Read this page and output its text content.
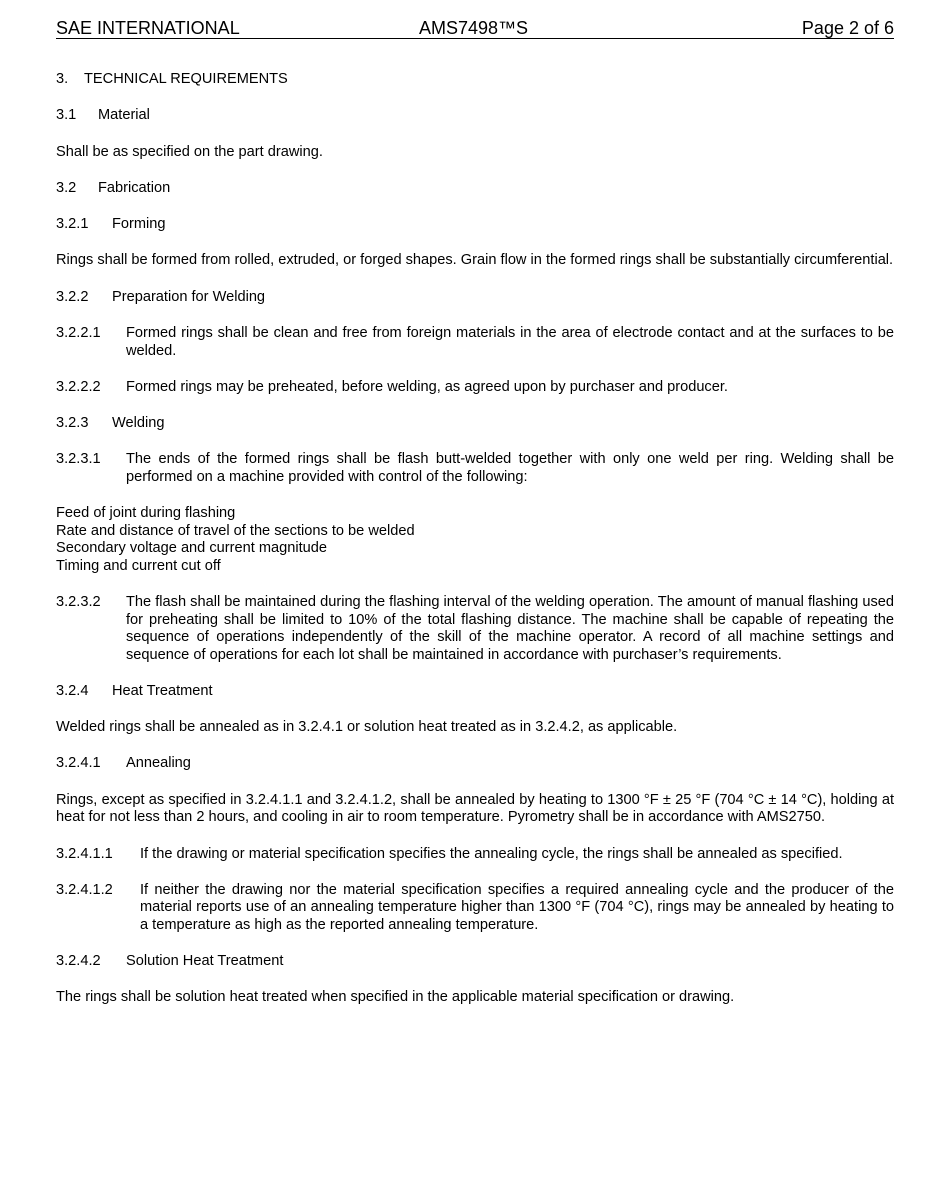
SAE INTERNATIONAL	AMS7498™S	Page 2 of 6
3.	TECHNICAL REQUIREMENTS
3.1	Material
Shall be as specified on the part drawing.
3.2	Fabrication
3.2.1	Forming
Rings shall be formed from rolled, extruded, or forged shapes. Grain flow in the formed rings shall be substantially circumferential.
3.2.2	Preparation for Welding
3.2.2.1	Formed rings shall be clean and free from foreign materials in the area of electrode contact and at the surfaces to be welded.
3.2.2.2	Formed rings may be preheated, before welding, as agreed upon by purchaser and producer.
3.2.3	Welding
3.2.3.1	The ends of the formed rings shall be flash butt-welded together with only one weld per ring. Welding shall be performed on a machine provided with control of the following:
Feed of joint during flashing
Rate and distance of travel of the sections to be welded
Secondary voltage and current magnitude
Timing and current cut off
3.2.3.2	The flash shall be maintained during the flashing interval of the welding operation. The amount of manual flashing used for preheating shall be limited to 10% of the total flashing distance. The machine shall be capable of repeating the sequence of operations independently of the skill of the machine operator. A record of all machine settings and sequence of operations for each lot shall be maintained in accordance with purchaser’s requirements.
3.2.4	Heat Treatment
Welded rings shall be annealed as in 3.2.4.1 or solution heat treated as in 3.2.4.2, as applicable.
3.2.4.1	Annealing
Rings, except as specified in 3.2.4.1.1 and 3.2.4.1.2, shall be annealed by heating to 1300 °F ± 25 °F (704 °C ± 14 °C), holding at heat for not less than 2 hours, and cooling in air to room temperature. Pyrometry shall be in accordance with AMS2750.
3.2.4.1.1	If the drawing or material specification specifies the annealing cycle, the rings shall be annealed as specified.
3.2.4.1.2	If neither the drawing nor the material specification specifies a required annealing cycle and the producer of the material reports use of an annealing temperature higher than 1300 °F (704 °C), rings may be annealed by heating to a temperature as high as the reported annealing temperature.
3.2.4.2	Solution Heat Treatment
The rings shall be solution heat treated when specified in the applicable material specification or drawing.
